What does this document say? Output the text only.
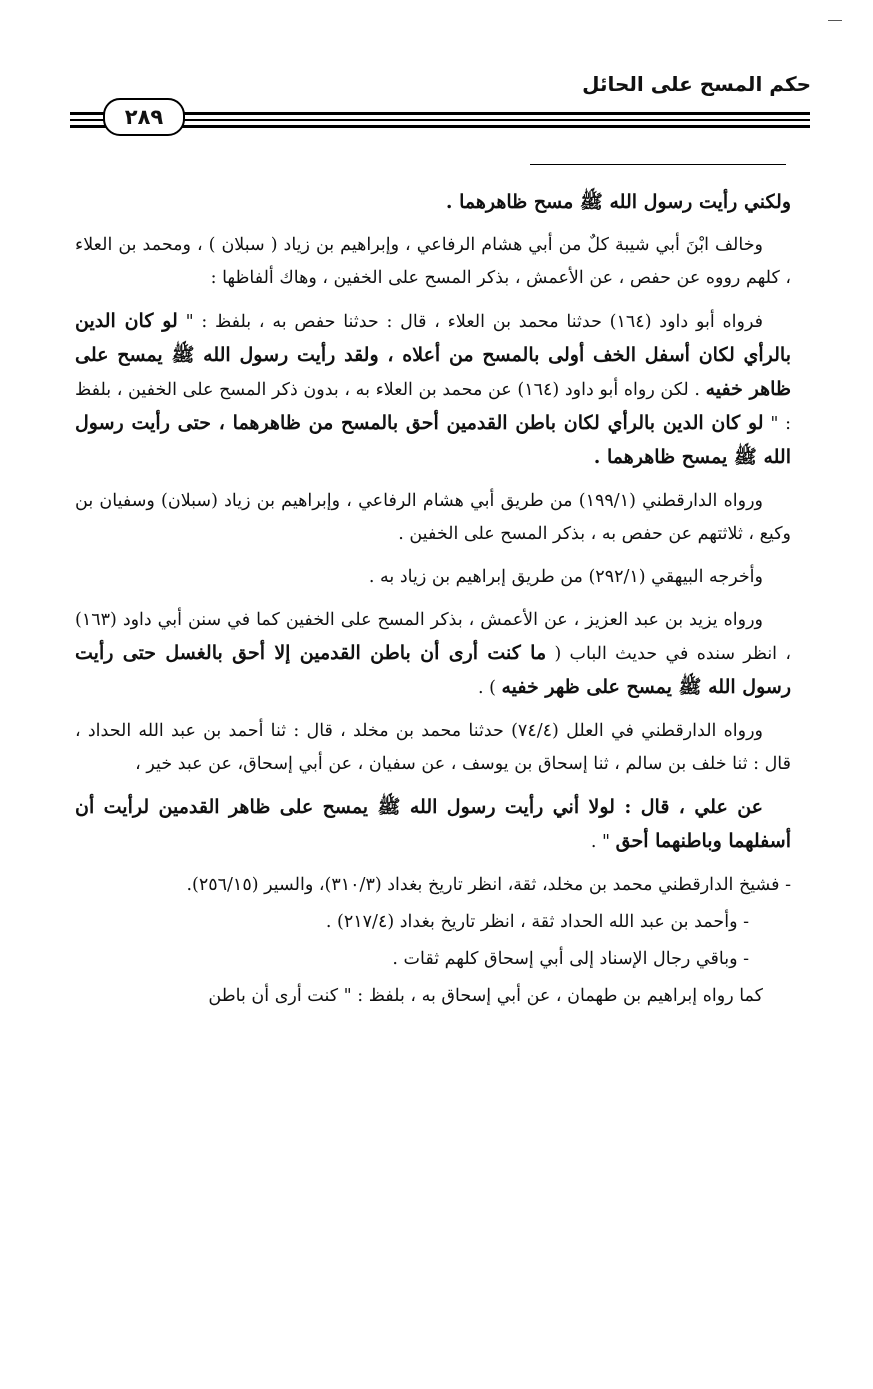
حكم المسح على الحائل
٢٨٩

ولكني رأيت رسول الله ﷺ مسح ظاهرهما .

وخالف ابْنَ أبي شيبة كلٌ من أبي هشام الرفاعي ، وإبراهيم بن زياد ( سبلان ) ، ومحمد بن العلاء ، كلهم رووه عن حفص ، عن الأعمش ، بذكر المسح على الخفين ، وهاك ألفاظها :

فرواه أبو داود (١٦٤) حدثنا محمد بن العلاء ، قال : حدثنا حفص به ، بلفظ : " لو كان الدين بالرأي لكان أسفل الخف أولى بالمسح من أعلاه ، ولقد رأيت رسول الله ﷺ يمسح على ظاهر خفيه . لكن رواه أبو داود (١٦٤) عن محمد بن العلاء به ، بدون ذكر المسح على الخفين ، بلفظ : " لو كان الدين بالرأي لكان باطن القدمين أحق بالمسح من ظاهرهما ، حتى رأيت رسول الله ﷺ يمسح ظاهرهما .

ورواه الدارقطني (١٩٩/١) من طريق أبي هشام الرفاعي ، وإبراهيم بن زياد (سبلان) وسفيان بن وكيع ، ثلاثتهم عن حفص به ، بذكر المسح على الخفين .

وأخرجه البيهقي (٢٩٢/١) من طريق إبراهيم بن زياد به .

ورواه يزيد بن عبد العزيز ، عن الأعمش ، بذكر المسح على الخفين كما في سنن أبي داود (١٦٣) ، انظر سنده في حديث الباب ( ما كنت أرى أن باطن القدمين إلا أحق بالغسل حتى رأيت رسول الله ﷺ يمسح على ظهر خفيه ) .

ورواه الدارقطني في العلل (٧٤/٤) حدثنا محمد بن مخلد ، قال : ثنا أحمد بن عبد الله الحداد ، قال : ثنا خلف بن سالم ، ثنا إسحاق بن يوسف ، عن سفيان ، عن أبي إسحاق، عن عبد خير ،

عن علي ، قال : لولا أني رأيت رسول الله ﷺ يمسح على ظاهر القدمين لرأيت أن أسفلهما وباطنهما أحق " .

- فشيخ الدارقطني محمد بن مخلد، ثقة، انظر تاريخ بغداد (٣١٠/٣)، والسير (٢٥٦/١٥).

- وأحمد بن عبد الله الحداد ثقة ، انظر تاريخ بغداد (٢١٧/٤) .

- وباقي رجال الإسناد إلى أبي إسحاق كلهم ثقات .

كما رواه إبراهيم بن طهمان ، عن أبي إسحاق به ، بلفظ : " كنت أرى أن باطن
